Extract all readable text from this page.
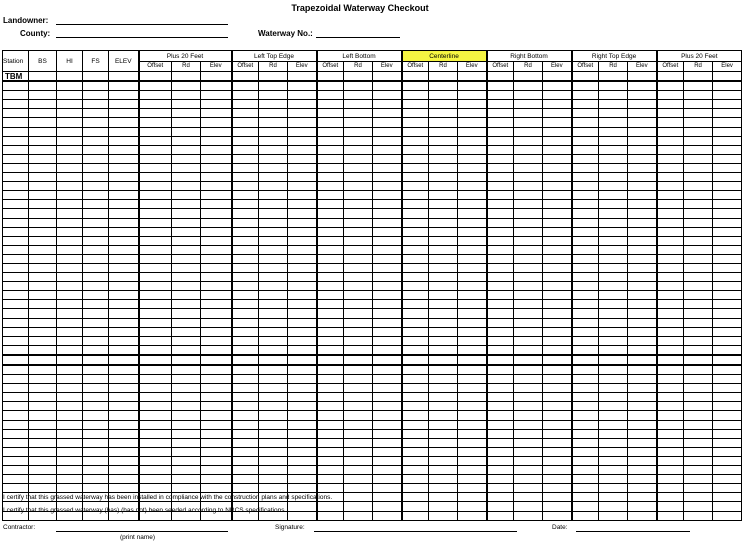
Trapezoidal Waterway Checkout
Landowner:
County:	Waterway No.:
Station	BS	HI	FS	ELEV	Plus 20 Feet			Left Top Edge			Left Bottom			Centerline			Right Bottom			Right Top Edge			Plus 20 Feet		
					Offset	Rd	Elev	Offset	Rd	Elev	Offset	Rd	Elev	Offset	Rd	Elev	Offset	Rd	Elev	Offset	Rd	Elev	Offset	Rd	Elev
TBM																									

I certify that this grassed waterway has been installed in compliance with the construction plans and specifications.
I certify that this grassed waterway (has) (has not) been seeded according to NRCS specifications.
Contractor:
(print name)
Signature:	Date:
